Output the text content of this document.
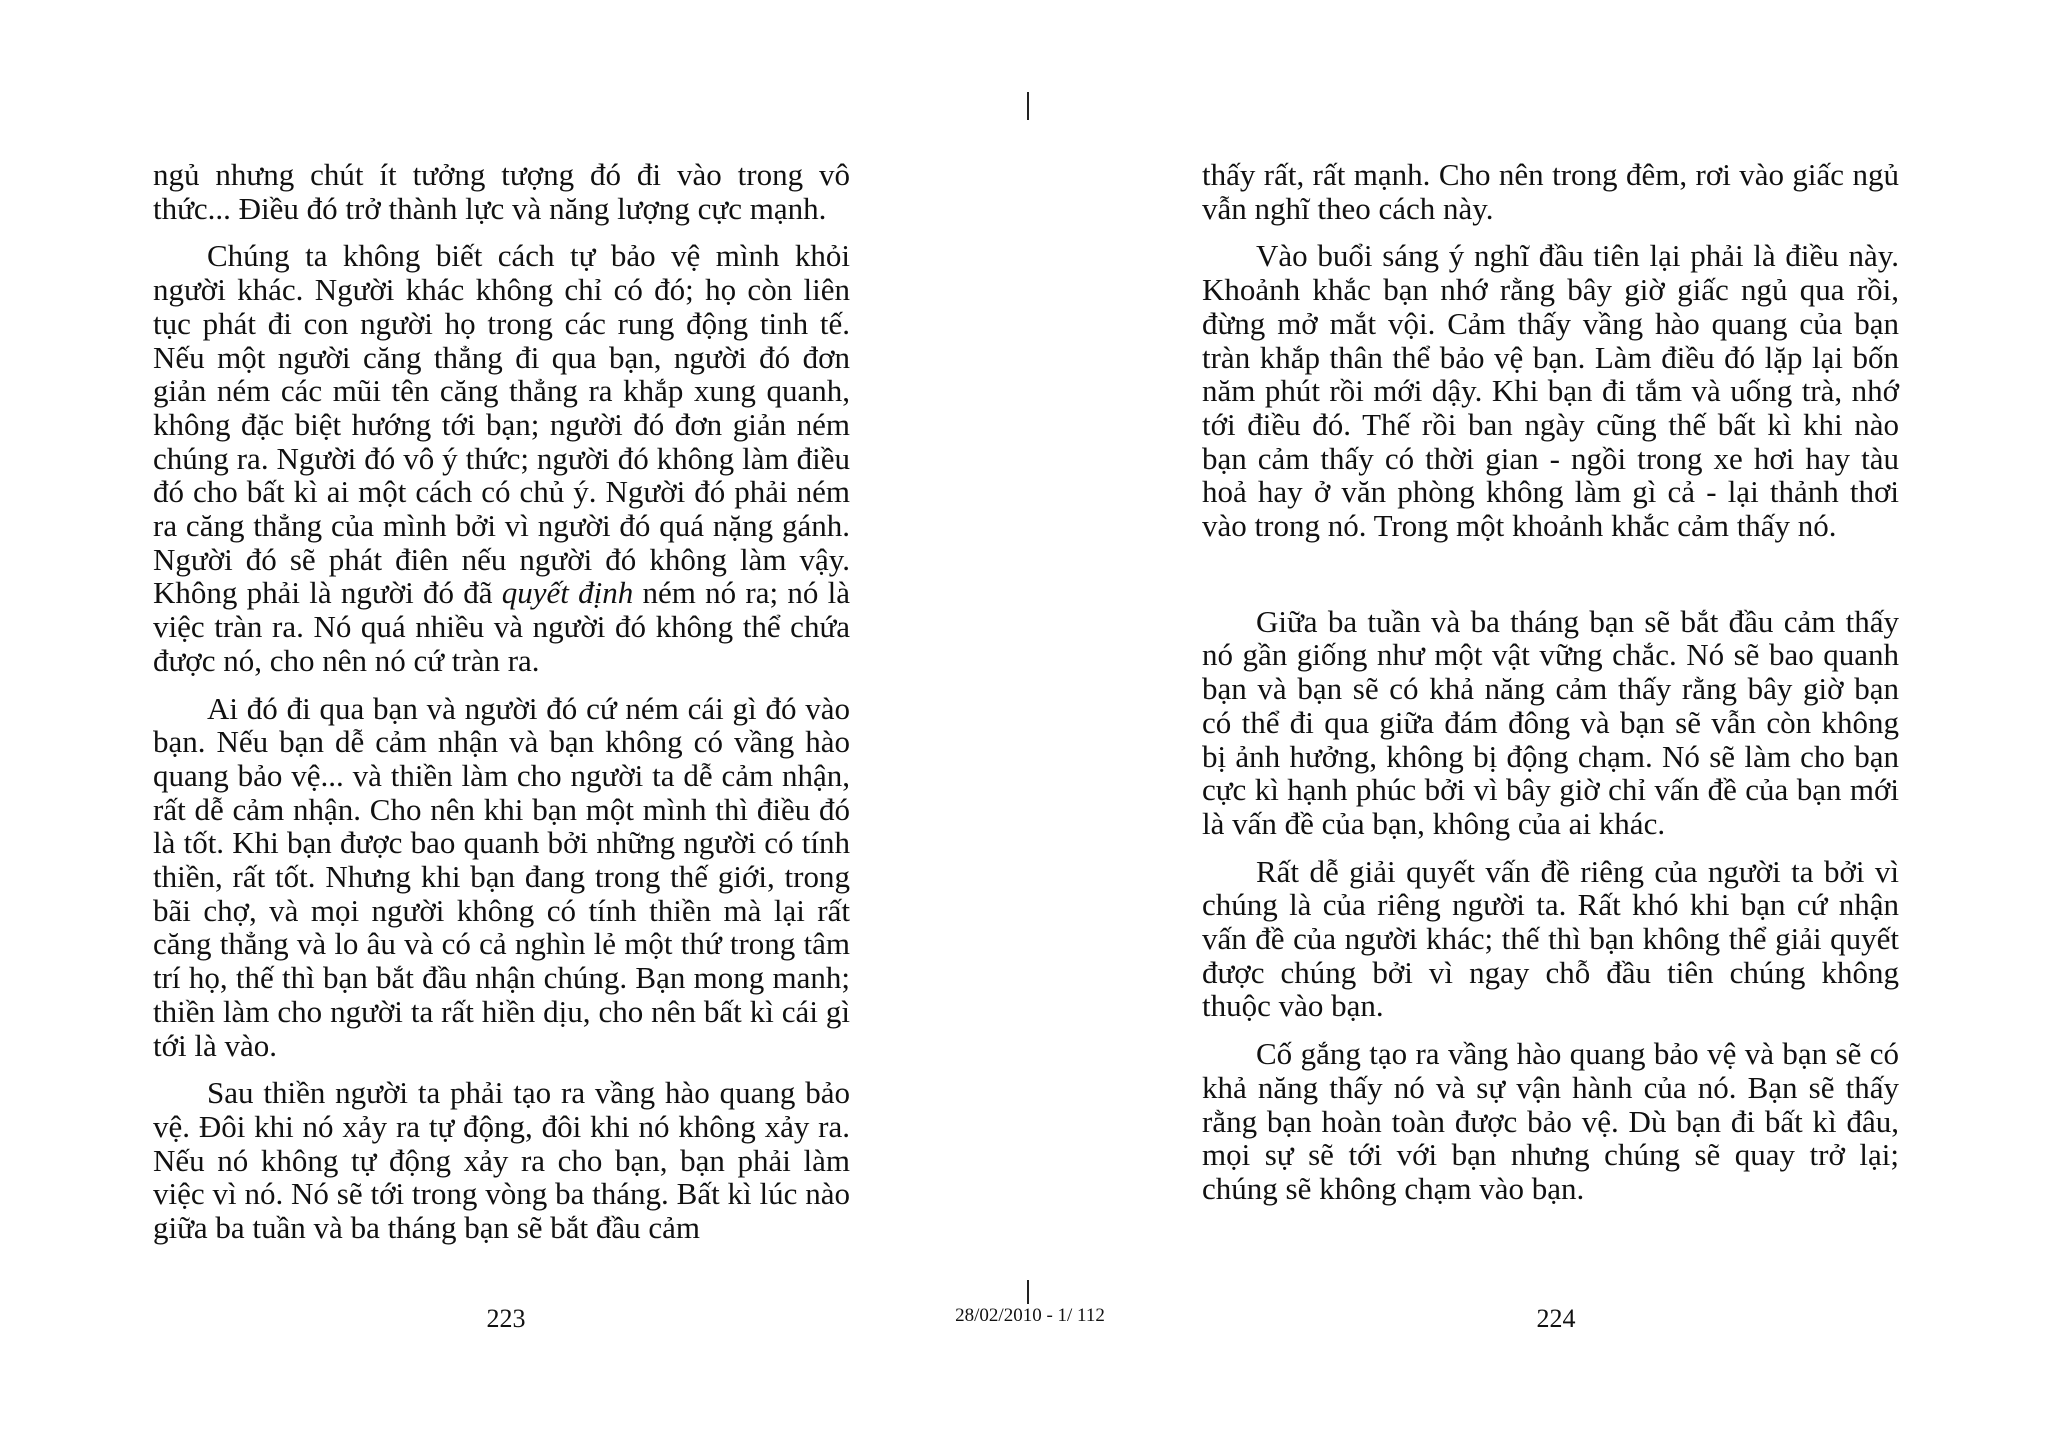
ngủ nhưng chút ít tưởng tượng đó đi vào trong vô thức... Điều đó trở thành lực và năng lượng cực mạnh.

Chúng ta không biết cách tự bảo vệ mình khỏi người khác. Người khác không chỉ có đó; họ còn liên tục phát đi con người họ trong các rung động tinh tế. Nếu một người căng thẳng đi qua bạn, người đó đơn giản ném các mũi tên căng thẳng ra khắp xung quanh, không đặc biệt hướng tới bạn; người đó đơn giản ném chúng ra. Người đó vô ý thức; người đó không làm điều đó cho bất kì ai một cách có chủ ý. Người đó phải ném ra căng thẳng của mình bởi vì người đó quá nặng gánh. Người đó sẽ phát điên nếu người đó không làm vậy. Không phải là người đó đã quyết định ném nó ra; nó là việc tràn ra. Nó quá nhiều và người đó không thể chứa được nó, cho nên nó cứ tràn ra.

Ai đó đi qua bạn và người đó cứ ném cái gì đó vào bạn. Nếu bạn dễ cảm nhận và bạn không có vầng hào quang bảo vệ... và thiền làm cho người ta dễ cảm nhận, rất dễ cảm nhận. Cho nên khi bạn một mình thì điều đó là tốt. Khi bạn được bao quanh bởi những người có tính thiền, rất tốt. Nhưng khi bạn đang trong thế giới, trong bãi chợ, và mọi người không có tính thiền mà lại rất căng thẳng và lo âu và có cả nghìn lẻ một thứ trong tâm trí họ, thế thì bạn bắt đầu nhận chúng. Bạn mong manh; thiền làm cho người ta rất hiền dịu, cho nên bất kì cái gì tới là vào.

Sau thiền người ta phải tạo ra vầng hào quang bảo vệ. Đôi khi nó xảy ra tự động, đôi khi nó không xảy ra. Nếu nó không tự động xảy ra cho bạn, bạn phải làm việc vì nó. Nó sẽ tới trong vòng ba tháng. Bất kì lúc nào giữa ba tuần và ba tháng bạn sẽ bắt đầu cảm

thấy rất, rất mạnh. Cho nên trong đêm, rơi vào giấc ngủ vẫn nghĩ theo cách này.

Vào buổi sáng ý nghĩ đầu tiên lại phải là điều này. Khoảnh khắc bạn nhớ rằng bây giờ giấc ngủ qua rồi, đừng mở mắt vội. Cảm thấy vầng hào quang của bạn tràn khắp thân thể bảo vệ bạn. Làm điều đó lặp lại bốn năm phút rồi mới dậy. Khi bạn đi tắm và uống trà, nhớ tới điều đó. Thế rồi ban ngày cũng thế bất kì khi nào bạn cảm thấy có thời gian - ngồi trong xe hơi hay tàu hoả hay ở văn phòng không làm gì cả - lại thảnh thơi vào trong nó. Trong một khoảnh khắc cảm thấy nó.

Giữa ba tuần và ba tháng bạn sẽ bắt đầu cảm thấy nó gần giống như một vật vững chắc. Nó sẽ bao quanh bạn và bạn sẽ có khả năng cảm thấy rằng bây giờ bạn có thể đi qua giữa đám đông và bạn sẽ vẫn còn không bị ảnh hưởng, không bị động chạm. Nó sẽ làm cho bạn cực kì hạnh phúc bởi vì bây giờ chỉ vấn đề của bạn mới là vấn đề của bạn, không của ai khác.

Rất dễ giải quyết vấn đề riêng của người ta bởi vì chúng là của riêng người ta. Rất khó khi bạn cứ nhận vấn đề của người khác; thế thì bạn không thể giải quyết được chúng bởi vì ngay chỗ đầu tiên chúng không thuộc vào bạn.

Cố gắng tạo ra vầng hào quang bảo vệ và bạn sẽ có khả năng thấy nó và sự vận hành của nó. Bạn sẽ thấy rằng bạn hoàn toàn được bảo vệ. Dù bạn đi bất kì đâu, mọi sự sẽ tới với bạn nhưng chúng sẽ quay trở lại; chúng sẽ không chạm vào bạn.

223	28/02/2010 - 1/ 112	224
